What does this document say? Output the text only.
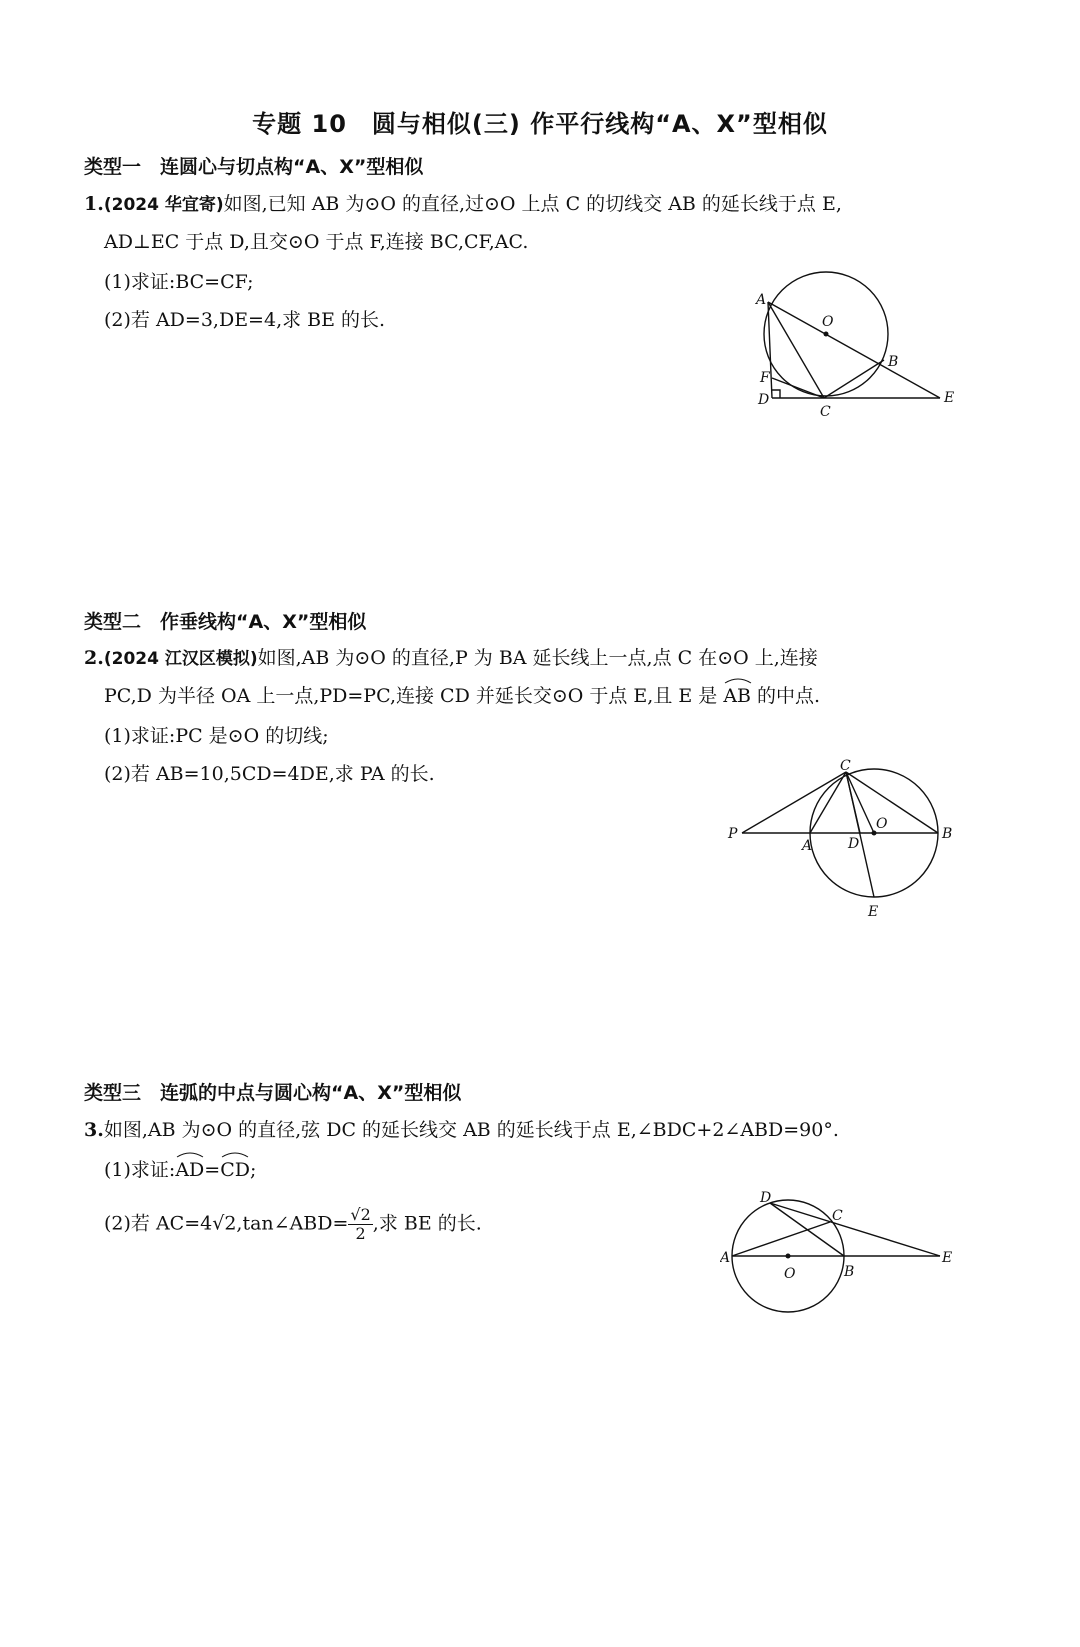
专题 10　圆与相似(三) 作平行线构“A、X”型相似
类型一　连圆心与切点构“A、X”型相似
1.(2024 华宜寄)如图,已知 AB 为⊙O 的直径,过⊙O 上点 C 的切线交 AB 的延长线于点 E,
AD⊥EC 于点 D,且交⊙O 于点 F,连接 BC,CF,AC.
(1)求证:BC=CF;
(2)若 AD=3,DE=4,求 BE 的长.
A
O
B
F
D
C
E
类型二　作垂线构“A、X”型相似
2.(2024 江汉区模拟)如图,AB 为⊙O 的直径,P 为 BA 延长线上一点,点 C 在⊙O 上,连接
PC,D 为半径 OA 上一点,PD=PC,连接 CD 并延长交⊙O 于点 E,且 E 是
AB 的中点.
(1)求证:PC 是⊙O 的切线;
(2)若 AB=10,5CD=4DE,求 PA 的长.	C
P
A	D
O
B
E
类型三　连弧的中点与圆心构“A、X”型相似
3.如图,AB 为⊙O 的直径,弦 DC 的延长线交 AB 的延长线于点 E,∠BDC+2∠ABD=90°.
(1)求证:
AD=
CD;
(2)若 AC=4√2,tan∠ABD= $\frac{√2}{2}$ ,求 BE 的长.
D
C
A
O	B
E
